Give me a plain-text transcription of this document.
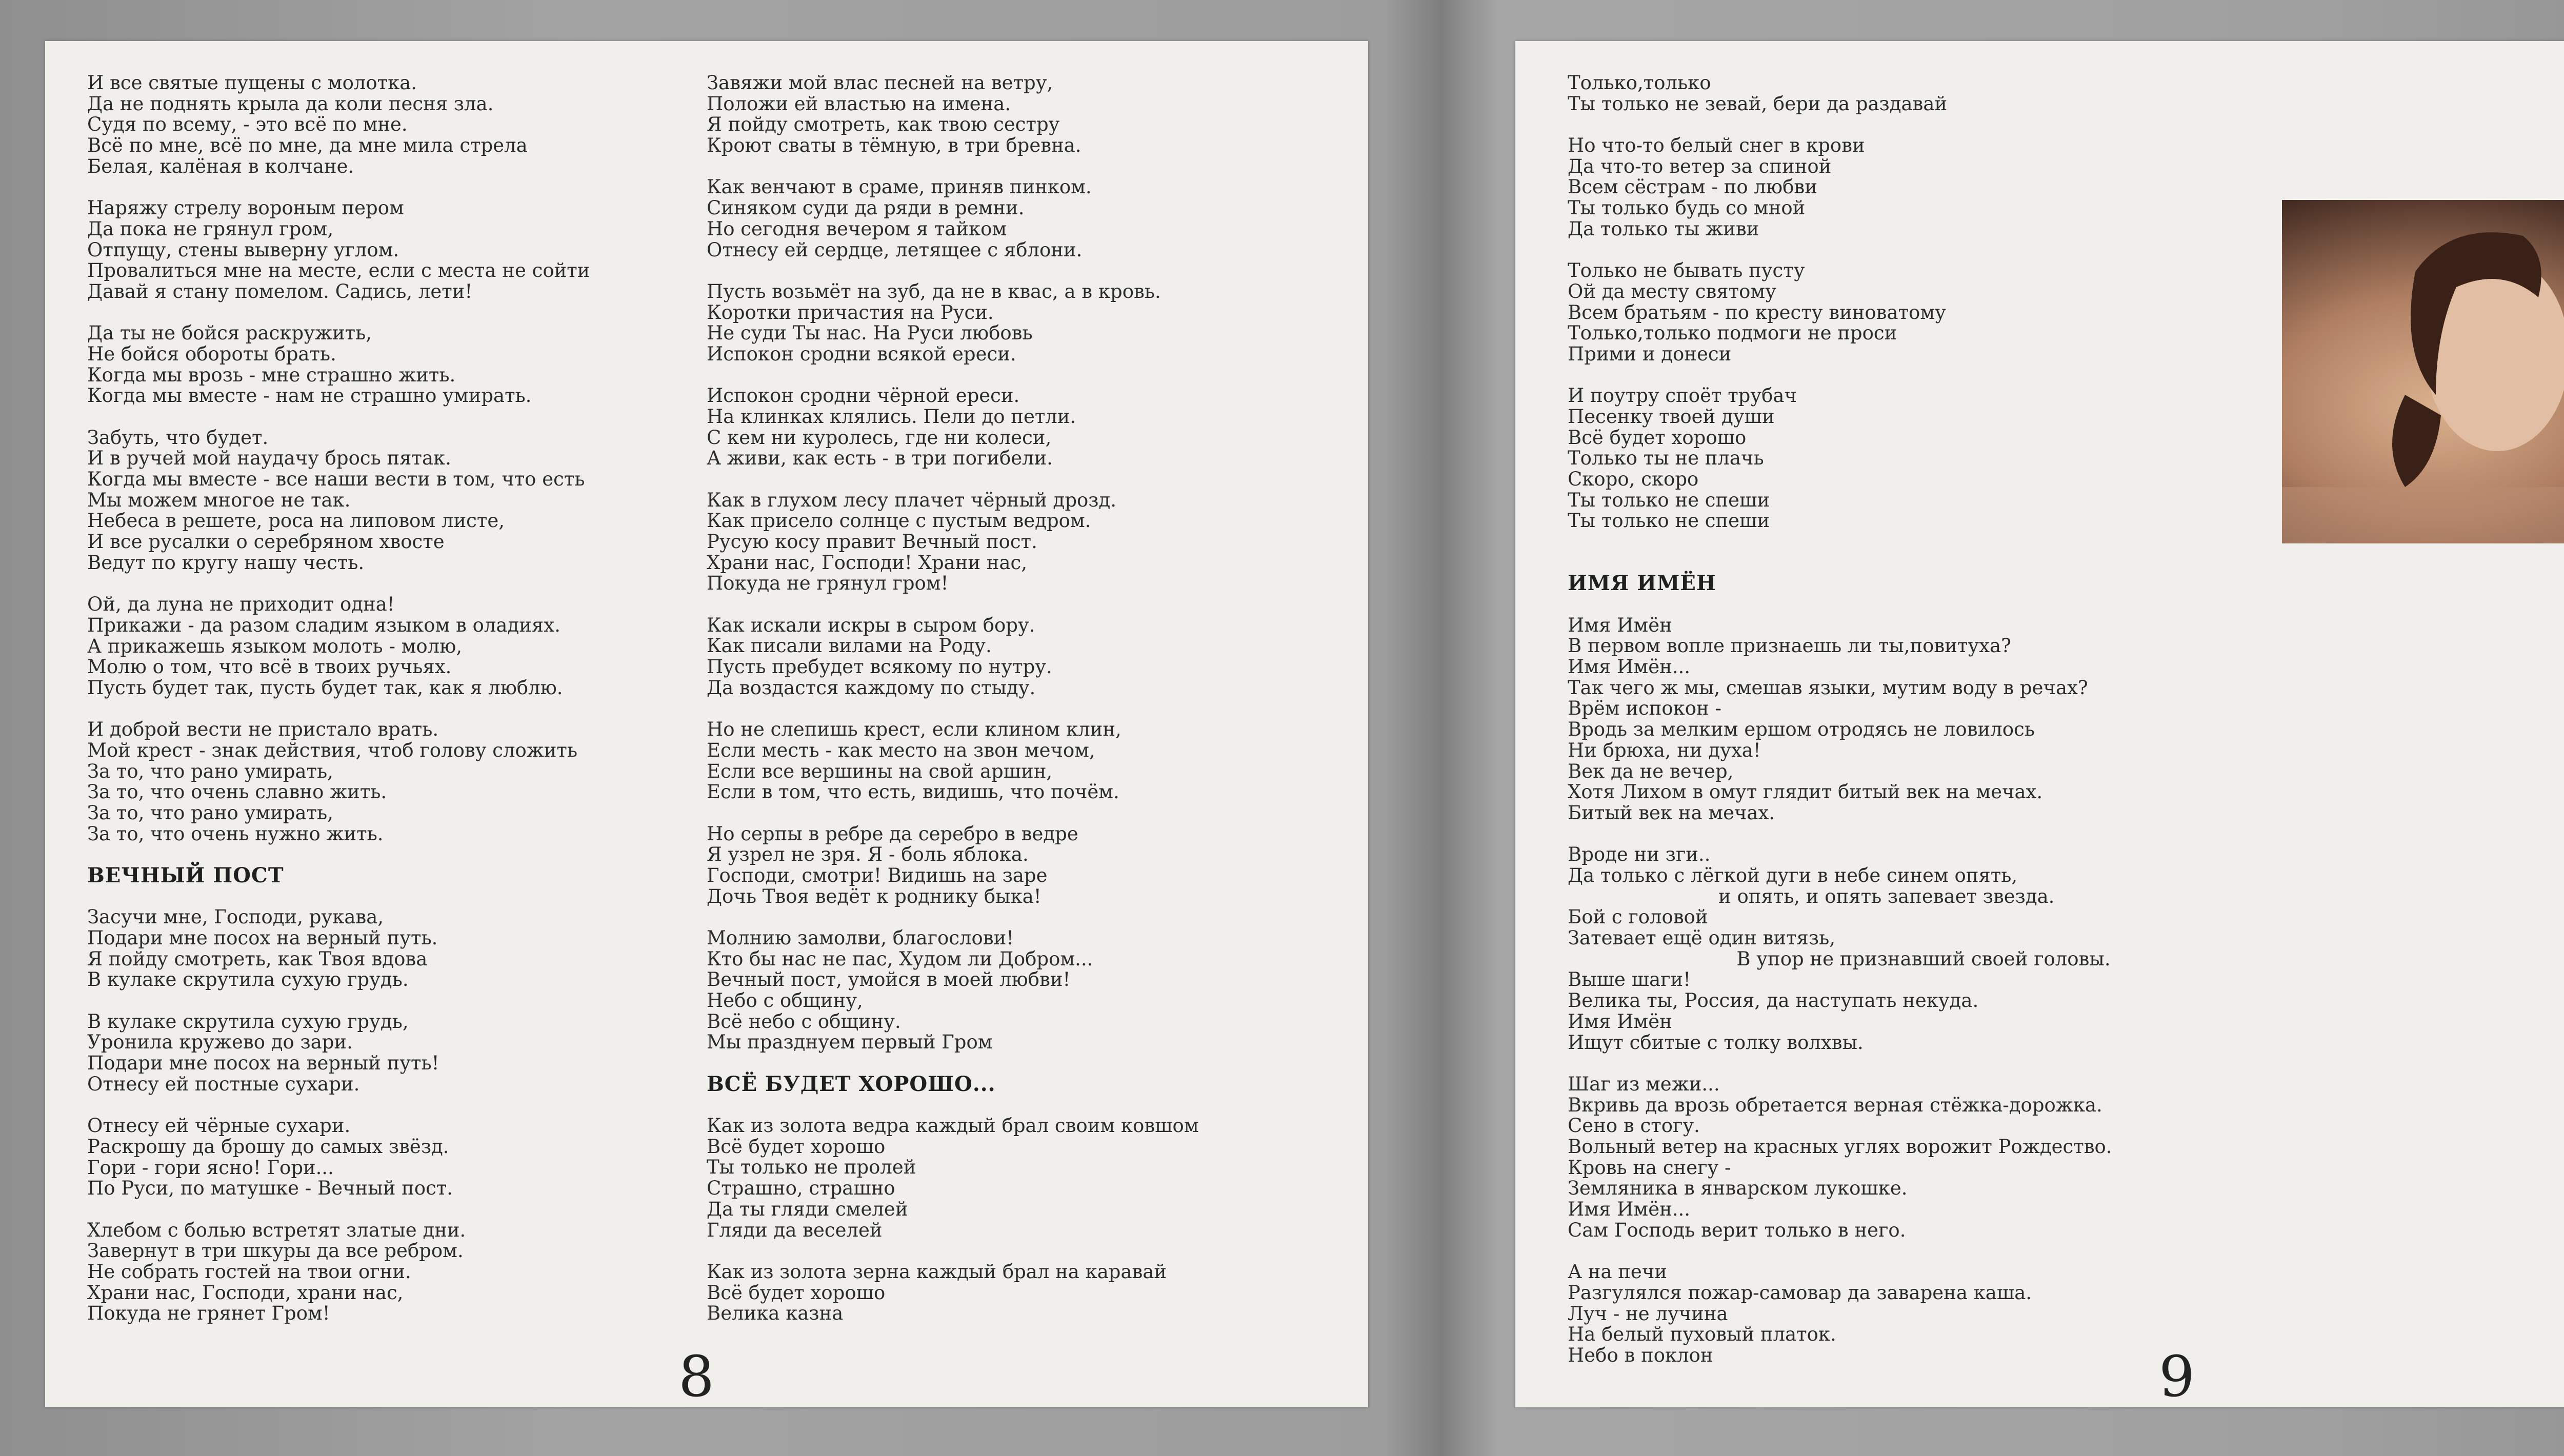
И все святые пущены с молотка.
Да не поднять крыла да коли песня зла.
Судя по всему, - это всё по мне.
Всё по мне, всё по мне, да мне мила стрела
Белая, калёная в колчане.
Наряжу стрелу вороным пером
Да пока не грянул гром,
Отпущу, стены выверну углом.
Провалиться мне на месте, если с места не сойти
Давай я стану помелом. Садись, лети!
Да ты не бойся раскружить,
Не бойся обороты брать.
Когда мы врозь - мне страшно жить.
Когда мы вместе - нам не страшно умирать.
Забуть, что будет.
И в ручей мой наудачу брось пятак.
Когда мы вместе - все наши вести в том, что есть
Мы можем многое не так.
Небеса в решете, роса на липовом листе,
И все русалки о серебряном хвосте
Ведут по кругу нашу честь.
Ой, да луна не приходит одна!
Прикажи - да разом сладим языком в оладиях.
А прикажешь языком молоть - молю,
Молю о том, что всё в твоих ручьях.
Пусть будет так, пусть будет так, как я люблю.
И доброй вести не пристало врать.
Мой крест - знак действия, чтоб голову сложить
За то, что рано умирать,
За то, что очень славно жить.
За то, что рано умирать,
За то, что очень нужно жить.
ВЕЧНЫЙ ПОСТ
Засучи мне, Господи, рукава,
Подари мне посох на верный путь.
Я пойду смотреть, как Твоя вдова
В кулаке скрутила сухую грудь.
В кулаке скрутила сухую грудь,
Уронила кружево до зари.
Подари мне посох на верный путь!
Отнесу ей постные сухари.
Отнесу ей чёрные сухари.
Раскрошу да брошу до самых звёзд.
Гори - гори ясно! Гори...
По Руси, по матушке - Вечный пост.
Хлебом с болью встретят златые дни.
Завернут в три шкуры да все ребром.
Не собрать гостей на твои огни.
Храни нас, Господи, храни нас,
Покуда не грянет Гром!
Завяжи мой влас песней на ветру,
Положи ей властью на имена.
Я пойду смотреть, как твою сестру
Кроют сваты в тёмную, в три бревна.
Как венчают в сраме, приняв пинком.
Синяком суди да ряди в ремни.
Но сегодня вечером я тайком
Отнесу ей сердце, летящее с яблони.
Пусть возьмёт на зуб, да не в квас, а в кровь.
Коротки причастия на Руси.
Не суди Ты нас. На Руси любовь
Испокон сродни всякой ереси.
Испокон сродни чёрной ереси.
На клинках клялись. Пели до петли.
С кем ни куролесь, где ни колеси,
А живи, как есть - в три погибели.
Как в глухом лесу плачет чёрный дрозд.
Как присело солнце с пустым ведром.
Русую косу правит Вечный пост.
Храни нас, Господи! Храни нас,
Покуда не грянул гром!
Как искали искры в сыром бору.
Как писали вилами на Роду.
Пусть пребудет всякому по нутру.
Да воздастся каждому по стыду.
Но не слепишь крест, если клином клин,
Если месть - как место на звон мечом,
Если все вершины на свой аршин,
Если в том, что есть, видишь, что почём.
Но серпы в ребре да серебро в ведре
Я узрел не зря. Я - боль яблока.
Господи, смотри! Видишь на заре
Дочь Твоя ведёт к роднику быка!
Молнию замолви, благослови!
Кто бы нас не пас, Худом ли Добром...
Вечный пост, умойся в моей любви!
Небо с общину,
Всё небо с общину.
Мы празднуем первый Гром
ВСЁ БУДЕТ ХОРОШО...
Как из золота ведра каждый брал своим ковшом
Всё будет хорошо
Ты только не пролей
Страшно, страшно
Да ты гляди смелей
Гляди да веселей
Как из золота зерна каждый брал на каравай
Всё будет хорошо
Велика казна
8
Только,только
Ты только не зевай, бери да раздавай
Но что-то белый снег в крови
Да что-то ветер за спиной
Всем сёстрам - по любви
Ты только будь со мной
Да только ты живи
Только не бывать пусту
Ой да месту святому
Всем братьям - по кресту виноватому
Только,только подмоги не проси
Прими и донеси
И поутру споёт трубач
Песенку твоей души
Всё будет хорошо
Только ты не плачь
Скоро, скоро
Ты только не спеши
Ты только не спеши
ИМЯ ИМЁН
Имя Имён
В первом вопле признаешь ли ты,повитуха?
Имя Имён...
Так чего ж мы, смешав языки, мутим воду в речах?
Врём испокон -
Вродь за мелким ершом отродясь не ловилось
Ни брюха, ни духа!
Век да не вечер,
Хотя Лихом в омут глядит битый век на мечах.
Битый век на мечах.
Вроде ни зги..
Да только с лёгкой дуги в небе синем опять,
и опять, и опять запевает звезда.
Бой с головой
Затевает ещё один витязь,
В упор не признавший своей головы.
Выше шаги!
Велика ты, Россия, да наступать некуда.
Имя Имён
Ищут сбитые с толку волхвы.
Шаг из межи...
Вкривь да врозь обретается верная стёжка-дорожка.
Сено в стогу.
Вольный ветер на красных углях ворожит Рождество.
Кровь на снегу -
Земляника в январском лукошке.
Имя Имён...
Сам Господь верит только в него.
А на печи
Разгулялся пожар-самовар да заварена каша.
Луч - не лучина
На белый пуховый платок.
Небо в поклон	9
